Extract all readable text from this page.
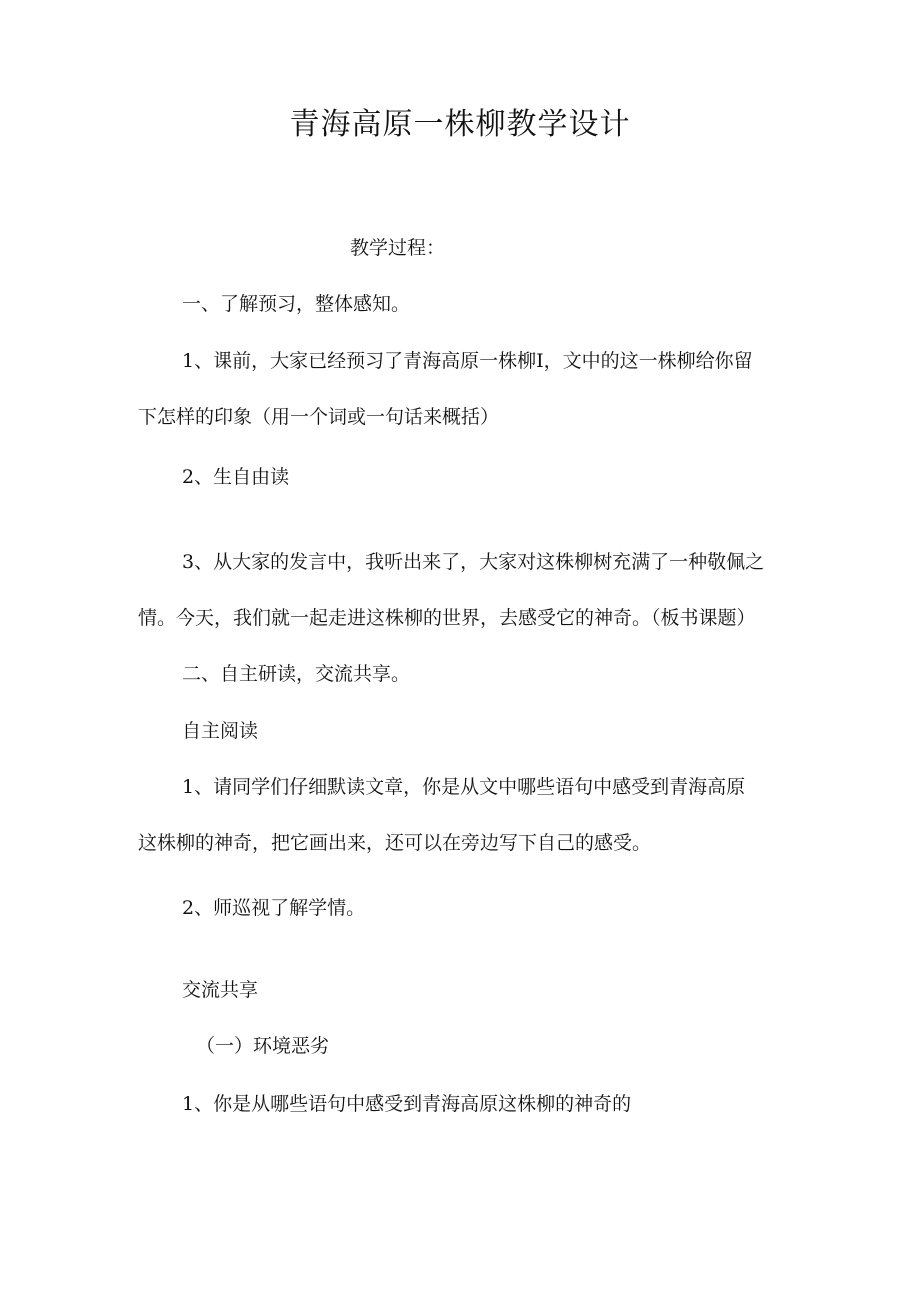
青海高原一株柳教学设计
教学过程：
一、了解预习，整体感知。
1、课前，大家已经预习了青海高原一株柳I，文中的这一株柳给你留
下怎样的印象（用一个词或一句话来概括）
2、生自由读
3、从大家的发言中，我听出来了，大家对这株柳树充满了一种敬佩之
情。今天，我们就一起走进这株柳的世界，去感受它的神奇。（板书课题）
二、自主研读，交流共享。
自主阅读
1、请同学们仔细默读文章，你是从文中哪些语句中感受到青海高原
这株柳的神奇，把它画出来，还可以在旁边写下自己的感受。
2、师巡视了解学情。
交流共享
（一）环境恶劣
1、你是从哪些语句中感受到青海高原这株柳的神奇的
